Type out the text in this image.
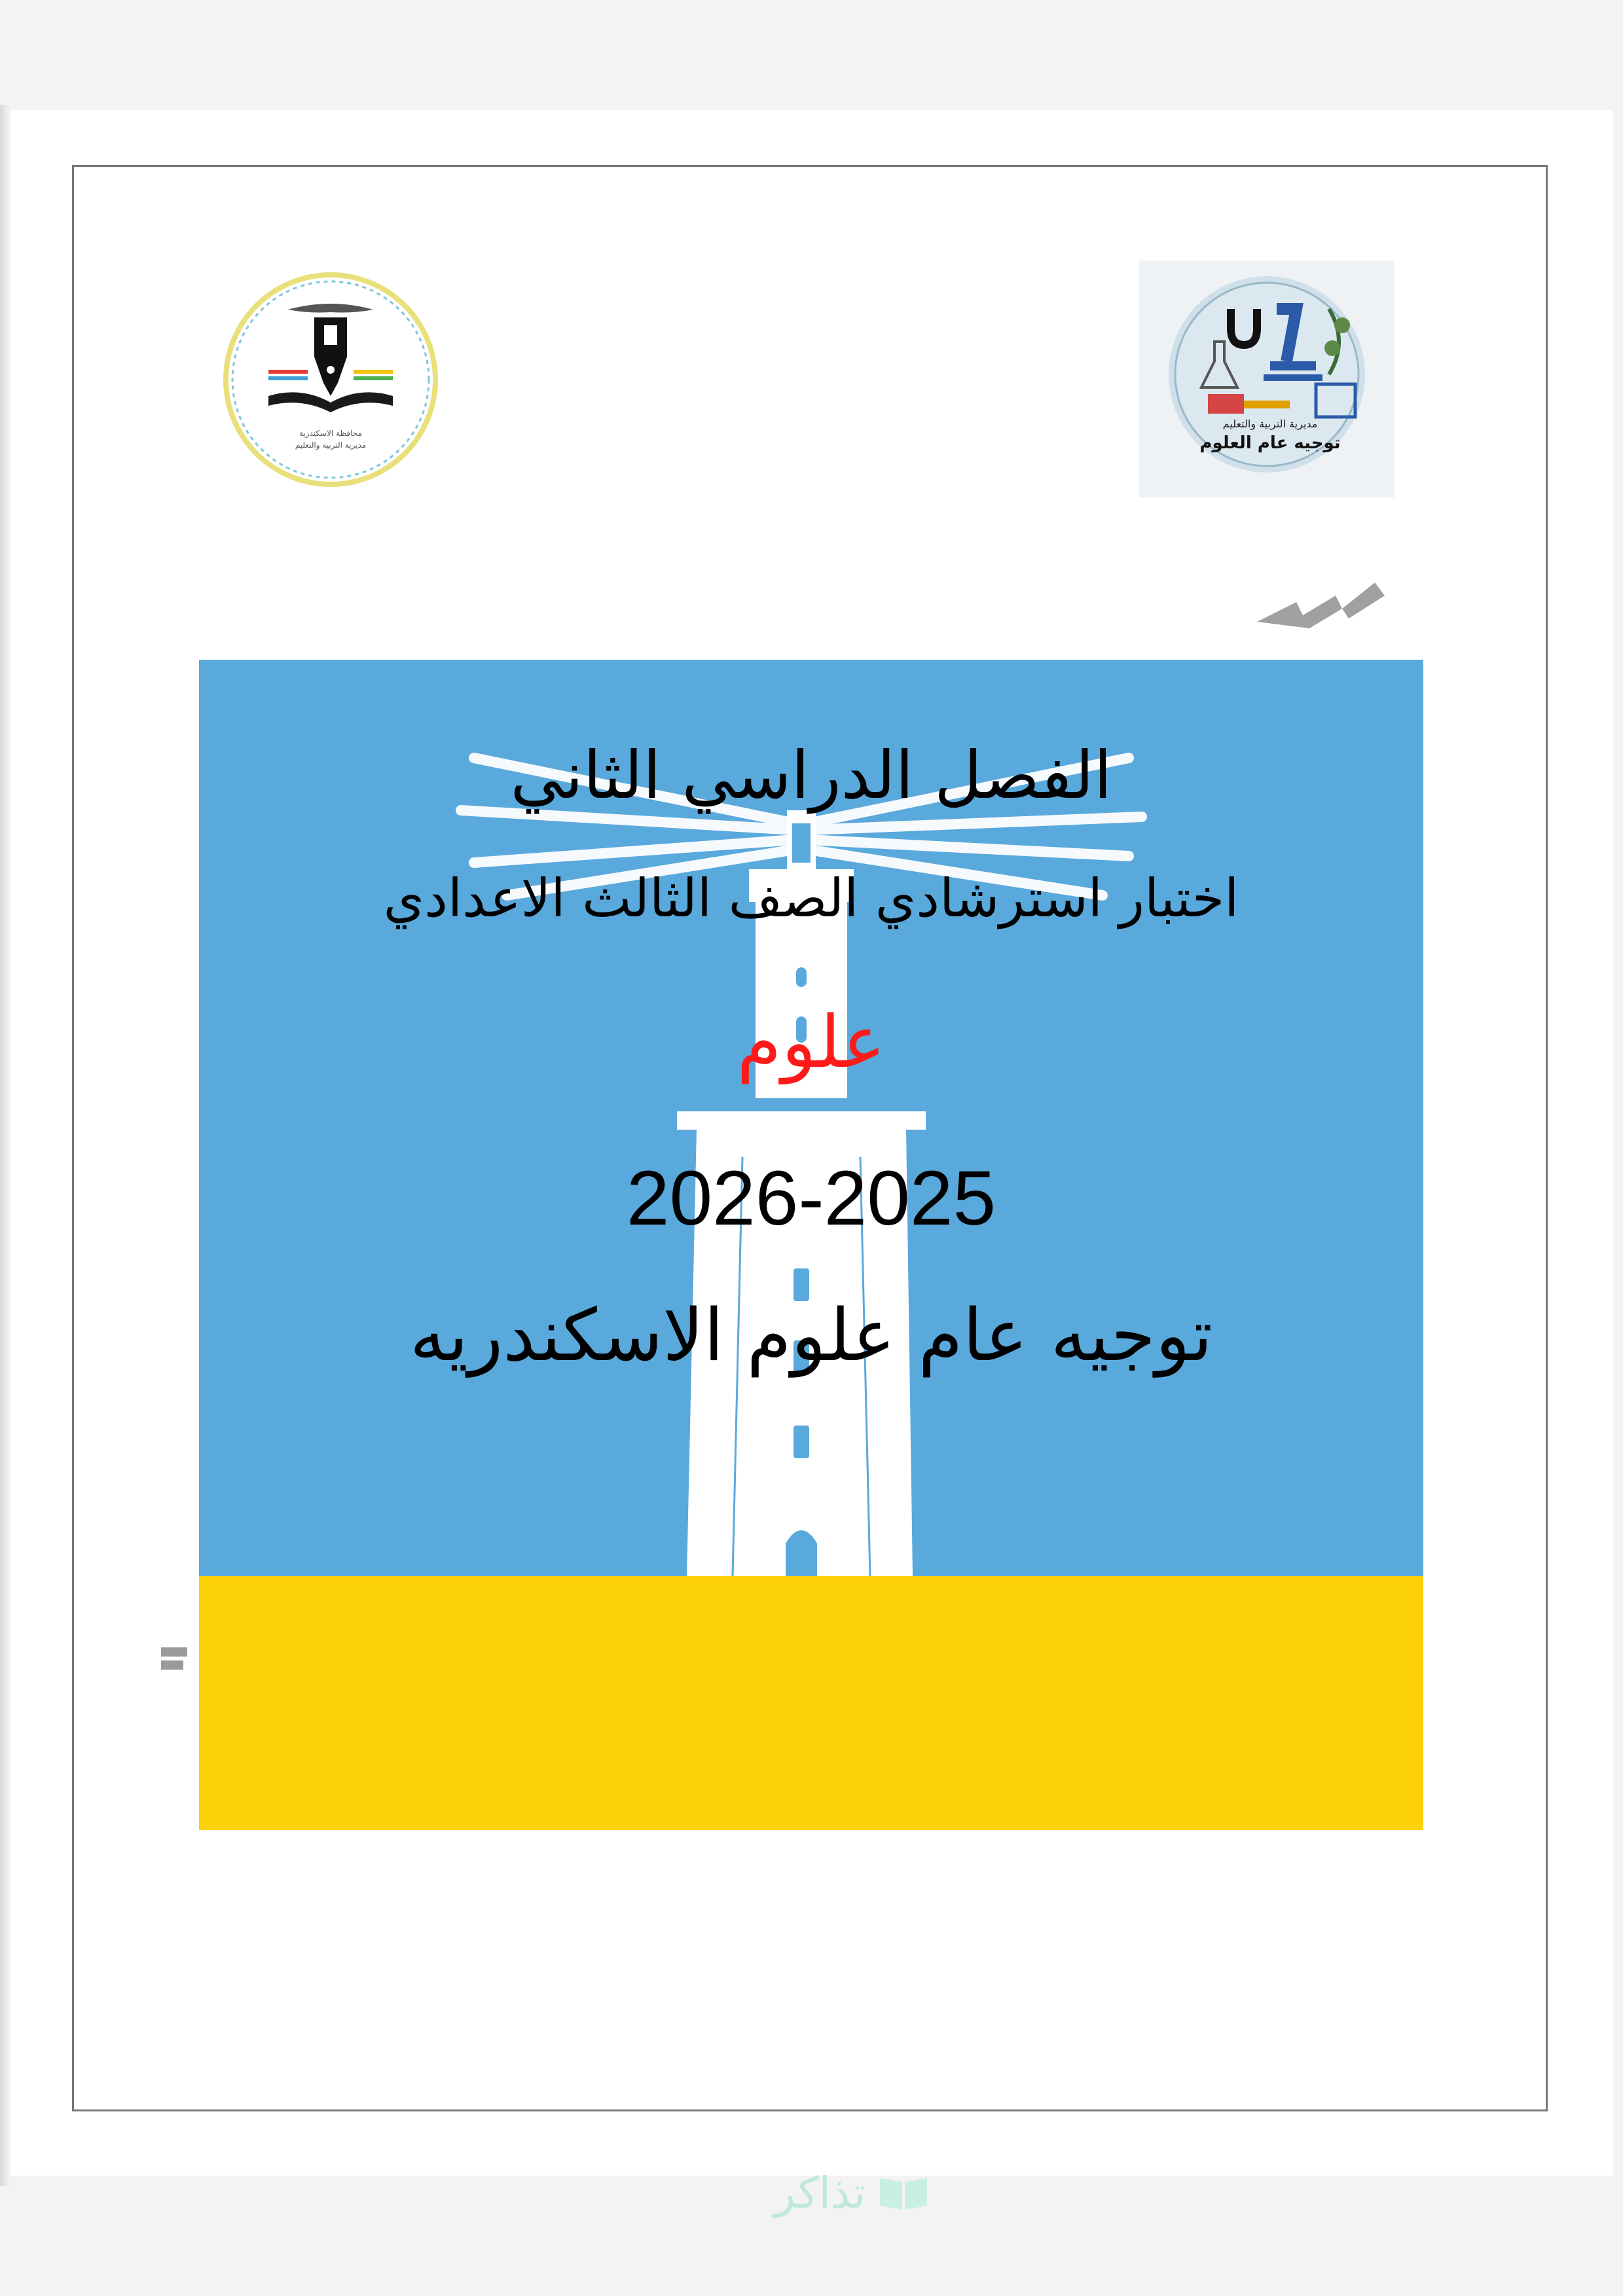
محافظة الاسكندرية
مديرية التربية والتعليم
مديرية التربية والتعليم
توجيه عام العلوم
الفصل الدراسي الثاني
اختبار استرشادي الصف الثالث الاعدادي
علوم
2026-2025
توجيه عام علوم الاسكندريه
تذاكر
